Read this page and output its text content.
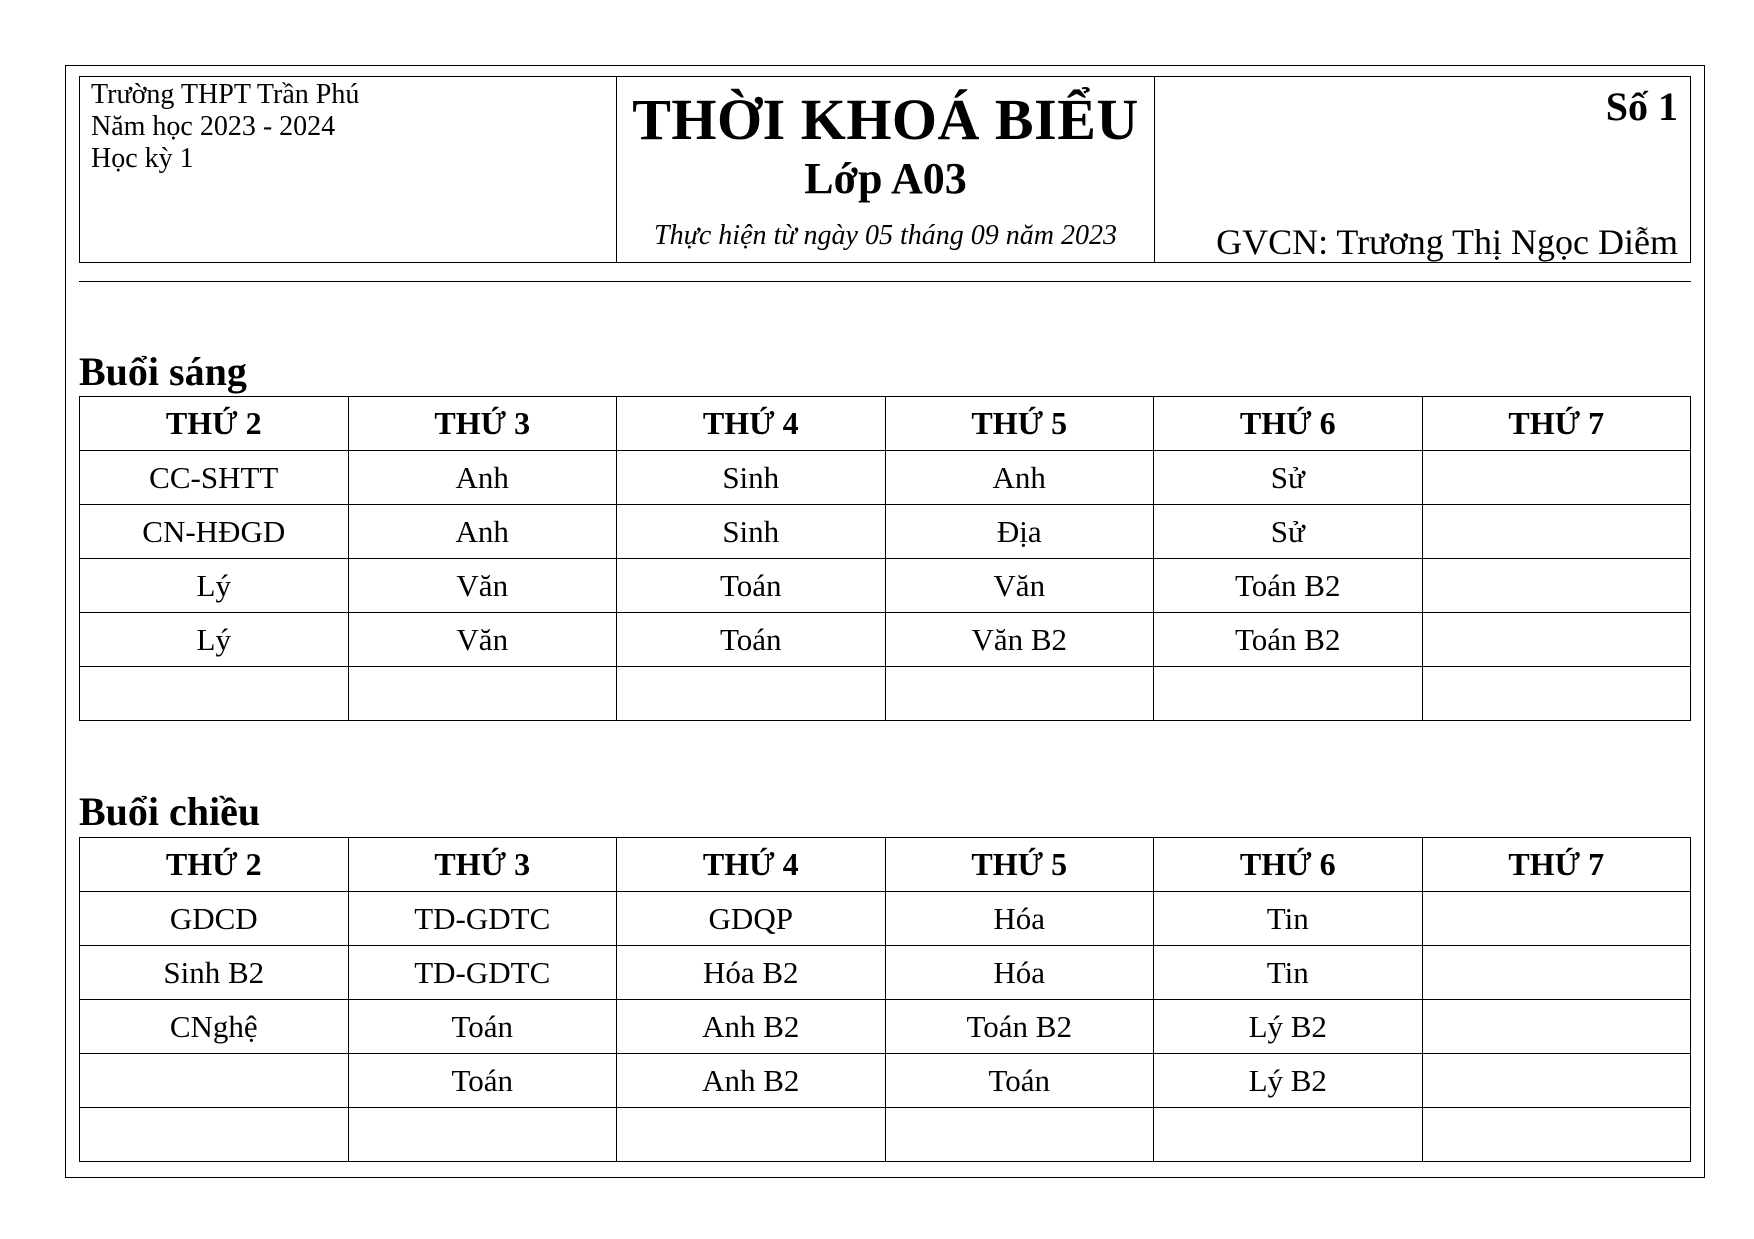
Trường THPT Trần Phú
Năm học 2023 - 2024
Học kỳ 1
THỜI KHOÁ BIỂU
Lớp A03
Thực hiện từ ngày 05 tháng 09 năm 2023
Số 1
GVCN: Trương Thị Ngọc Diễm
Buổi sáng
THỨ 2	THỨ 3	THỨ 4	THỨ 5	THỨ 6	THỨ 7
CC-SHTT	Anh	Sinh	Anh	Sử	
CN-HĐGD	Anh	Sinh	Địa	Sử	
Lý	Văn	Toán	Văn	Toán B2	
Lý	Văn	Toán	Văn B2	Toán B2	

Buổi chiều
THỨ 2	THỨ 3	THỨ 4	THỨ 5	THỨ 6	THỨ 7
GDCD	TD-GDTC	GDQP	Hóa	Tin	
Sinh B2	TD-GDTC	Hóa B2	Hóa	Tin	
CNghệ	Toán	Anh B2	Toán B2	Lý B2	
	Toán	Anh B2	Toán	Lý B2	
